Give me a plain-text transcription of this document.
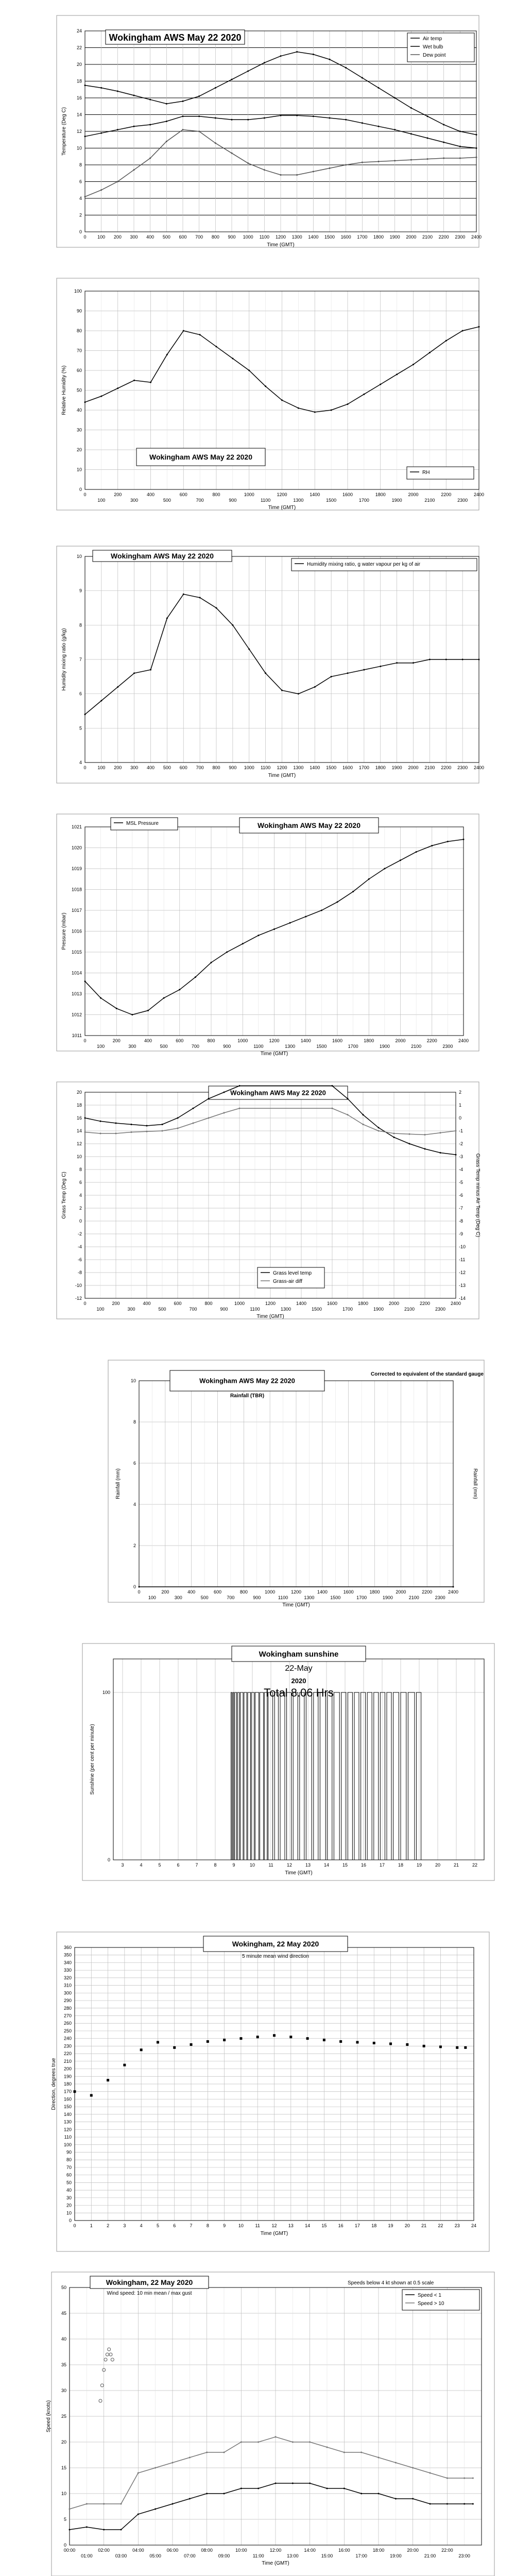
0
2
4
6
8
10
12
14
16
18
20
22
24
0 100 200 300 400 500 600 700 800 900 1000 1100 1200 1300 1400 1500 1600 1700 1800 1900 2000 2100 2200 2300 2400
Time (GMT)
Temperature (Deg C)
Wokingham AWS May 22 2020	Air temp
Wet bulb
Dew point
0
10
20
30
40
50
60
70
80
90
100
0	200	400	600	800	1000	1200	1400	1600	1800	2000	2200	2400
100	300	500	700	900	1100	1300	1500	1700	1900	2100	2300
Time (GMT)
Relative Humidity (%)
Wokingham AWS May 22 2020
RH
4
5
6
7
8
9
10
0 100 200 300 400 500 600 700 800 900 1000 1100 1200 1300 1400 1500 1600 1700 1800 1900 2000 2100 2200 2300 2400
Time (GMT)
Humidity mixing ratio (g/kg)
Wokingham AWS May 22 2020
Humidity mixing ratio, g water vapour per kg of air
1011
1012
1013
1014
1015
1016
1017
1018
1019
1020
1021
0	200	400	600	800	1000	1200	1400	1600	1800	2000	2200	2400
100	300	500	700	900	1100	1300	1500	1700	1900	2100	2300
Time (GMT)
Pressure (mbar)
Wokingham AWS May 22 2020
MSL Pressure
-12
-10
-8
-6
-4
-2
0
2
4
6
8
10
12
14
16
18
20
-14
-13
-12
-11
-10
-9
-8
-7
-6
-5
-4
-3
-2
-1
0
1
2
0	200	400	600	800	1000	1200	1400	1600	1800	2000	2200	2400
100	300	500	700	900	1100	1300	1500	1700	1900	2100	2300
Time (GMT)
Grass Temp (Deg C)	Grass Temp minus Air Temp (Deg C)
Wokingham AWS May 22 2020
Grass level temp
Grass-air diff
0
2
4
6
8
10
0	200	400	600	800	1000	1200	1400	1600	1800	2000	2200	2400
100	300	500	700	900	1100	1300	1500	1700	1900	2100	2300
Time (GMT)
Rainfall (mm)	Rainfall (mm)
Wokingham AWS May 22 2020
Rainfall (TBR)
Corrected to equivalent of the standard gauge
0
100
3	4	5	6	7	8	9	10	11	12	13	14	15	16	17	18	19	20	21	22
Time (GMT)
Sunshine (per cent per minute)
Wokingham sunshine
22-May
2020
Total 8.06 Hrs
0
10
20
30
40
50
60
70
80
90
100
110
120
130
140
150
160
170
180
190
200
210
220
230
240
250
260
270
280
290
300
310
320
330
340
350
360
0	1	2	3	4	5	6	7	8	9	10	11	12 13 14 15 16 17 18 19 20 21 22 23 24
Time (GMT)
Direction, degrees true
Wokingham, 22 May 2020
5 minute mean wind direction
0
5
10
15
20
25
30
35
40
45
50
00:00	02:00	04:00	06:00	08:00	10:00	12:00	14:00	16:00	18:00	20:00	22:00
01:00	03:00	05:00	07:00	09:00	11:00	13:00	15:00	17:00	19:00	21:00	23:00
Time (GMT)
Speed (knots)
Wokingham, 22 May 2020
Wind speed: 10 min mean / max gust
Speeds below 4 kt shown at 0.5 scale
Speed < 1
Speed > 10
